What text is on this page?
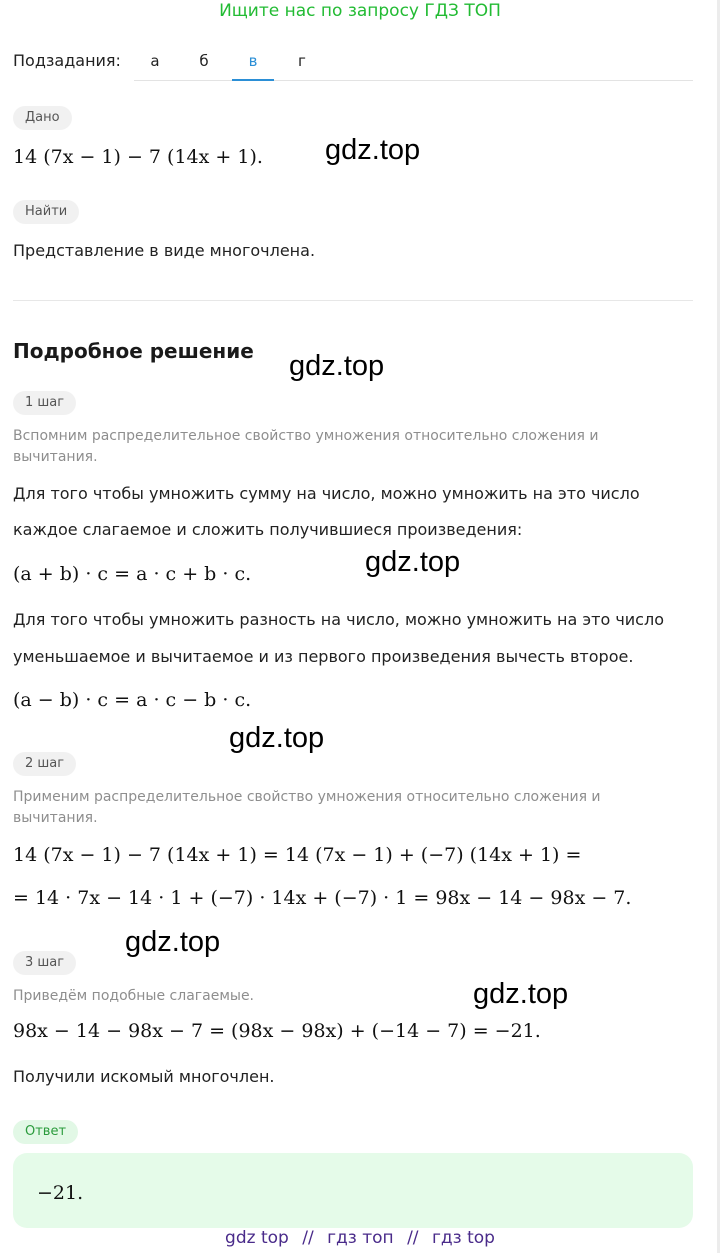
Ищите нас по запросу ГДЗ ТОП
Подзадания:	а	б	в	г
Дано
14 (7x − 1) − 7 (14x + 1).
Найти
Представление в виде многочлена.
Подробное решение
1 шаг
Вспомним распределительное свойство умножения относительно сложения и вычитания.
Для того чтобы умножить сумму на число, можно умножить на это число
каждое слагаемое и сложить получившиеся произведения:
(a + b) · c = a · c + b · c.
Для того чтобы умножить разность на число, можно умножить на это число
уменьшаемое и вычитаемое и из первого произведения вычесть второе.
(a − b) · c = a · c − b · c.
2 шаг
Применим распределительное свойство умножения относительно сложения и вычитания.
14 (7x − 1) − 7 (14x + 1) = 14 (7x − 1) + (−7) (14x + 1) =
= 14 · 7x − 14 · 1 + (−7) · 14x + (−7) · 1 = 98x − 14 − 98x − 7.
3 шаг
Приведём подобные слагаемые.
98x − 14 − 98x − 7 = (98x − 98x) + (−14 − 7) = −21.
Получили искомый многочлен.
Ответ
−21.
gdz.top
gdz.top
gdz.top
gdz.top
gdz.top
gdz.top
gdz top // гдз топ // гдз top
